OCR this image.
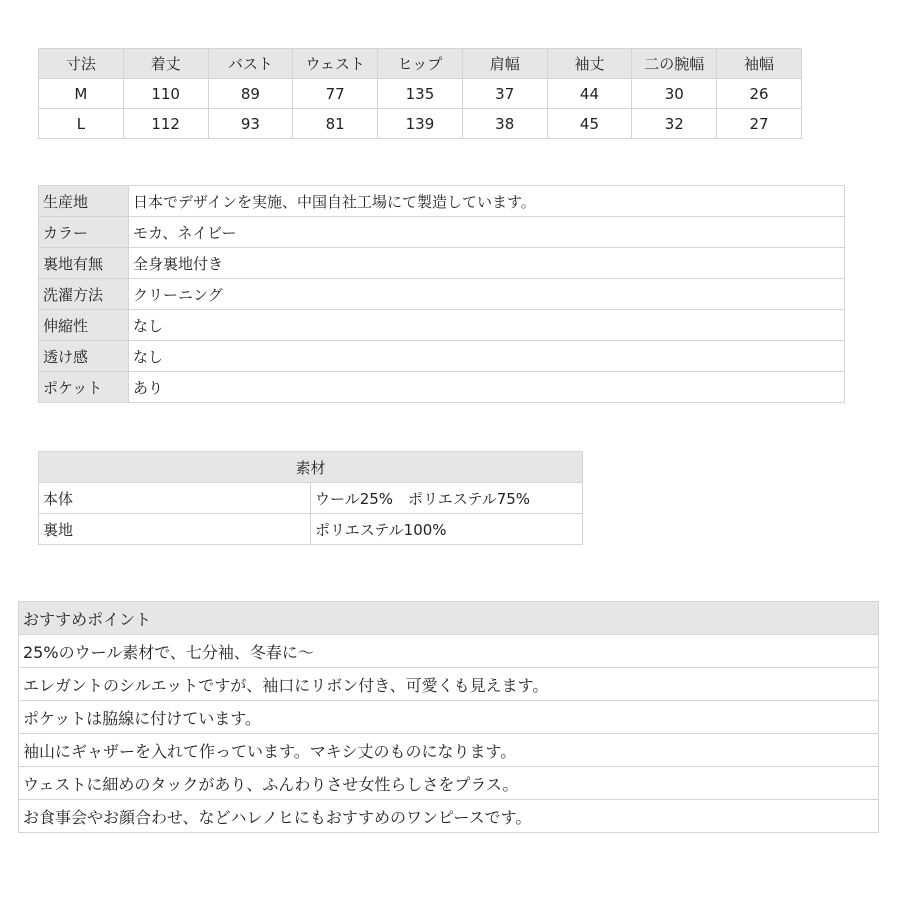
寸法	着丈	バスト	ウェスト	ヒップ	肩幅	袖丈	二の腕幅	袖幅
M	110	89	77	135	37	44	30	26
L	112	93	81	139	38	45	32	27
生産地	日本でデザインを実施、中国自社工場にて製造しています。
カラー	モカ、ネイビー
裏地有無	全身裏地付き
洗濯方法	クリーニング
伸縮性	なし
透け感	なし
ポケット	あり
素材	
本体	ウール25%　ポリエステル75%
裏地	ポリエステル100%
おすすめポイント
25%のウール素材で、七分袖、冬春に〜
エレガントのシルエットですが、袖口にリボン付き、可愛くも見えます。
ポケットは脇線に付けています。
袖山にギャザーを入れて作っています。マキシ丈のものになります。
ウェストに細めのタックがあり、ふんわりさせ女性らしさをプラス。
お食事会やお顔合わせ、などハレノヒにもおすすめのワンピースです。
